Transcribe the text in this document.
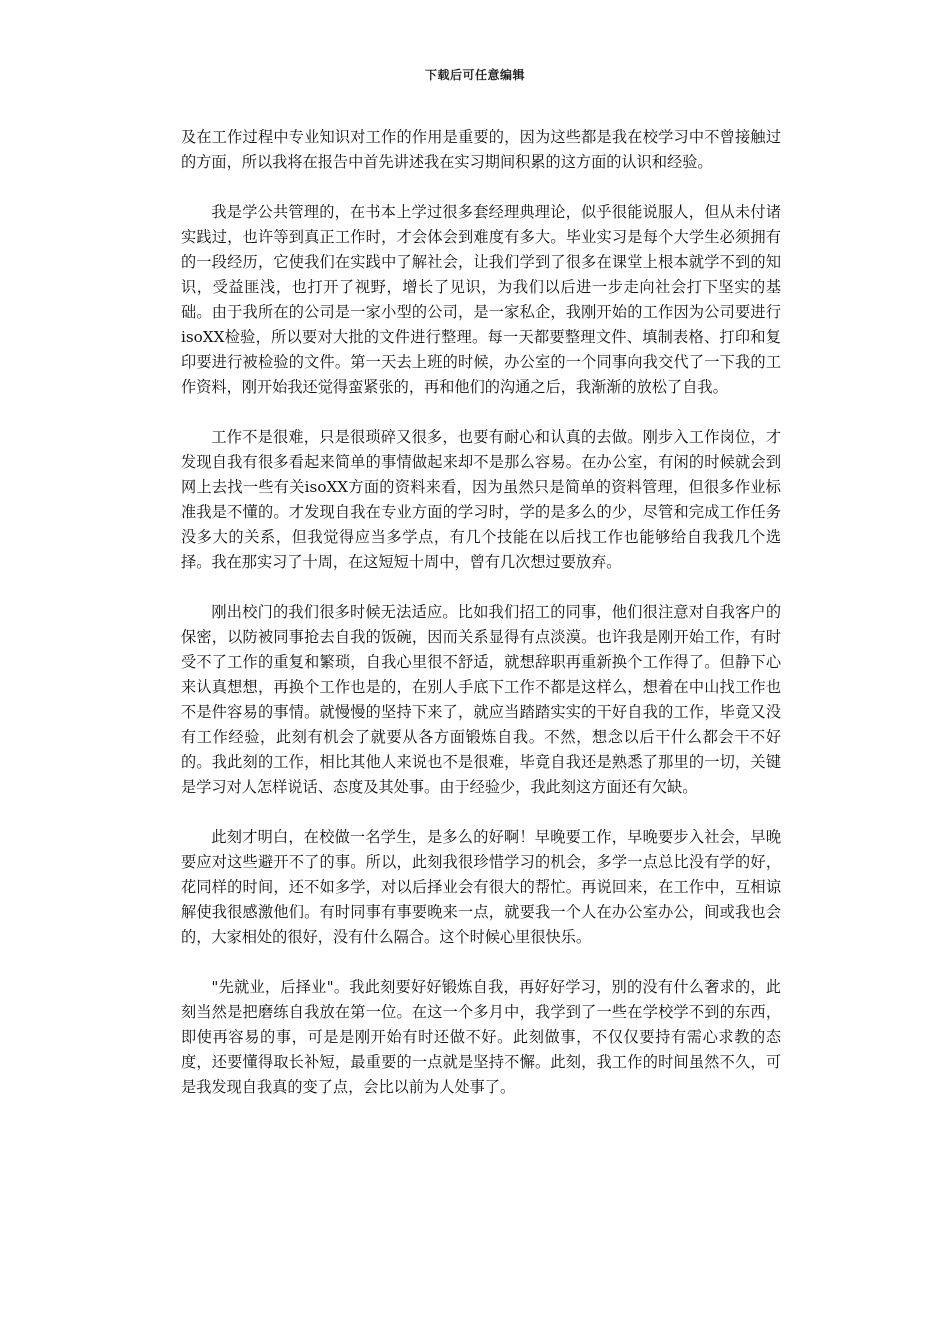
下载后可任意编辑

及在工作过程中专业知识对工作的作用是重要的，因为这些都是我在校学习中不曾接触过的方面，所以我将在报告中首先讲述我在实习期间积累的这方面的认识和经验。

我是学公共管理的，在书本上学过很多套经理典理论，似乎很能说服人，但从未付诸实践过，也许等到真正工作时，才会体会到难度有多大。毕业实习是每个大学生必须拥有的一段经历，它使我们在实践中了解社会，让我们学到了很多在课堂上根本就学不到的知识，受益匪浅，也打开了视野，增长了见识，为我们以后进一步走向社会打下坚实的基础。由于我所在的公司是一家小型的公司，是一家私企，我刚开始的工作因为公司要进行isoXX检验，所以要对大批的文件进行整理。每一天都要整理文件、填制表格、打印和复印要进行被检验的文件。第一天去上班的时候，办公室的一个同事向我交代了一下我的工作资料，刚开始我还觉得蛮紧张的，再和他们的沟通之后，我渐渐的放松了自我。

工作不是很难，只是很琐碎又很多，也要有耐心和认真的去做。刚步入工作岗位，才发现自我有很多看起来简单的事情做起来却不是那么容易。在办公室，有闲的时候就会到网上去找一些有关isoXX方面的资料来看，因为虽然只是简单的资料管理，但很多作业标准我是不懂的。才发现自我在专业方面的学习时，学的是多么的少，尽管和完成工作任务没多大的关系，但我觉得应当多学点，有几个技能在以后找工作也能够给自我我几个选择。我在那实习了十周，在这短短十周中，曾有几次想过要放弃。

刚出校门的我们很多时候无法适应。比如我们招工的同事，他们很注意对自我客户的保密，以防被同事抢去自我的饭碗，因而关系显得有点淡漠。也许我是刚开始工作，有时受不了工作的重复和繁琐，自我心里很不舒适，就想辞职再重新换个工作得了。但静下心来认真想想，再换个工作也是的，在别人手底下工作不都是这样么，想着在中山找工作也不是件容易的事情。就慢慢的坚持下来了，就应当踏踏实实的干好自我的工作，毕竟又没有工作经验，此刻有机会了就要从各方面锻炼自我。不然，想念以后干什么都会干不好的。我此刻的工作，相比其他人来说也不是很难，毕竟自我还是熟悉了那里的一切，关键是学习对人怎样说话、态度及其处事。由于经验少，我此刻这方面还有欠缺。

此刻才明白，在校做一名学生，是多么的好啊！早晚要工作，早晚要步入社会，早晚要应对这些避开不了的事。所以，此刻我很珍惜学习的机会，多学一点总比没有学的好，花同样的时间，还不如多学，对以后择业会有很大的帮忙。再说回来，在工作中，互相谅解使我很感激他们。有时同事有事要晚来一点，就要我一个人在办公室办公，间或我也会的，大家相处的很好，没有什么隔合。这个时候心里很快乐。

"先就业，后择业"。我此刻要好好锻炼自我，再好好学习，别的没有什么奢求的，此刻当然是把磨练自我放在第一位。在这一个多月中，我学到了一些在学校学不到的东西，即使再容易的事，可是是刚开始有时还做不好。此刻做事，不仅仅要持有需心求教的态度，还要懂得取长补短，最重要的一点就是坚持不懈。此刻，我工作的时间虽然不久，可是我发现自我真的变了点，会比以前为人处事了。
